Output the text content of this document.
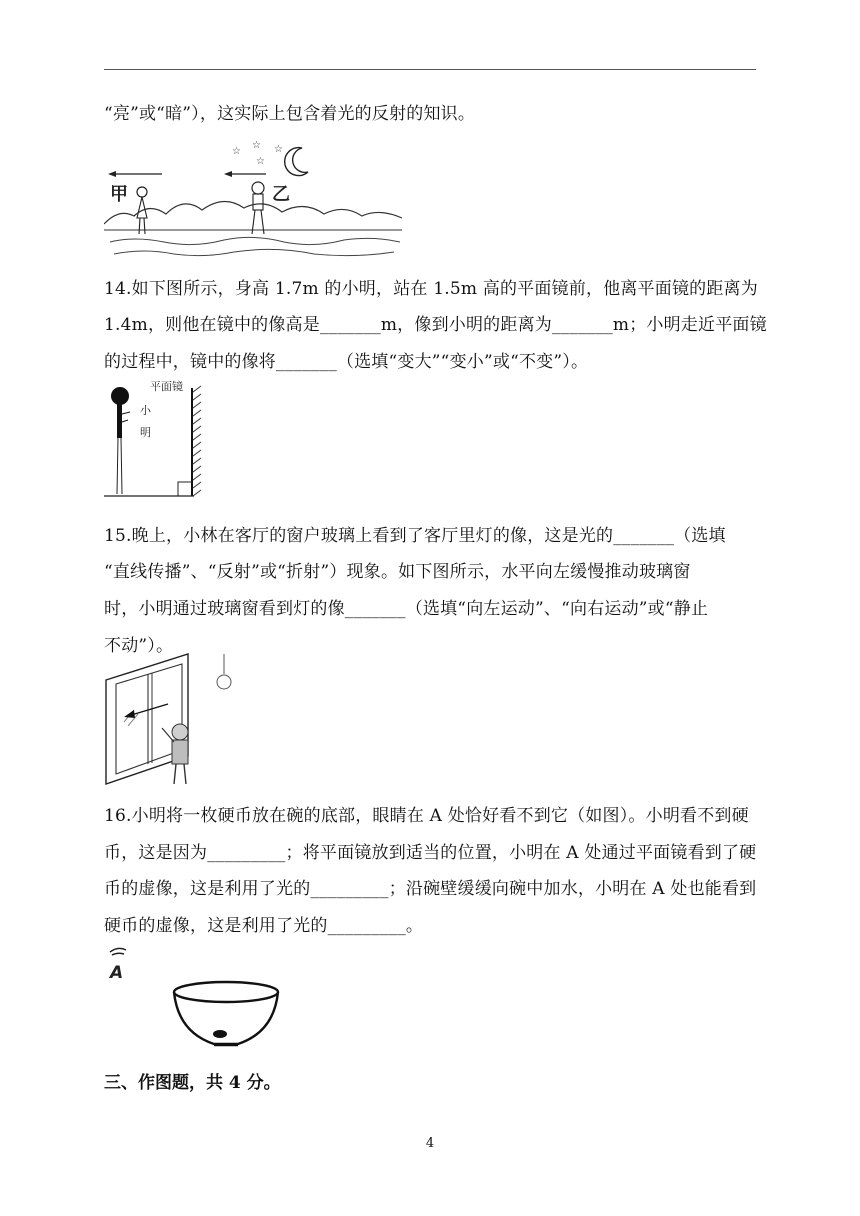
“亮”或“暗”），这实际上包含着光的反射的知识。
☆
☆
☆
☆
甲	乙
14.如下图所示，身高 1.7m 的小明，站在 1.5m 高的平面镜前，他离平面镜的距离为
1.4m，则他在镜中的像高是_______m，像到小明的距离为_______m；小明走近平面镜
的过程中，镜中的像将_______（选填“变大”“变小”或“不变”）。
平面镜
小
明
15.晚上，小林在客厅的窗户玻璃上看到了客厅里灯的像，这是光的_______（选填
“直线传播”、“反射”或“折射”）现象。如下图所示，水平向左缓慢推动玻璃窗
时，小明通过玻璃窗看到灯的像_______（选填“向左运动”、“向右运动”或“静止
不动”）。
16.小明将一枚硬币放在碗的底部，眼睛在 A 处恰好看不到它（如图）。小明看不到硬
币，这是因为_________；将平面镜放到适当的位置，小明在 A 处通过平面镜看到了硬
币的虚像，这是利用了光的_________；沿碗壁缓缓向碗中加水，小明在 A 处也能看到
硬币的虚像，这是利用了光的_________。
A
三、作图题，共 4 分。
4
